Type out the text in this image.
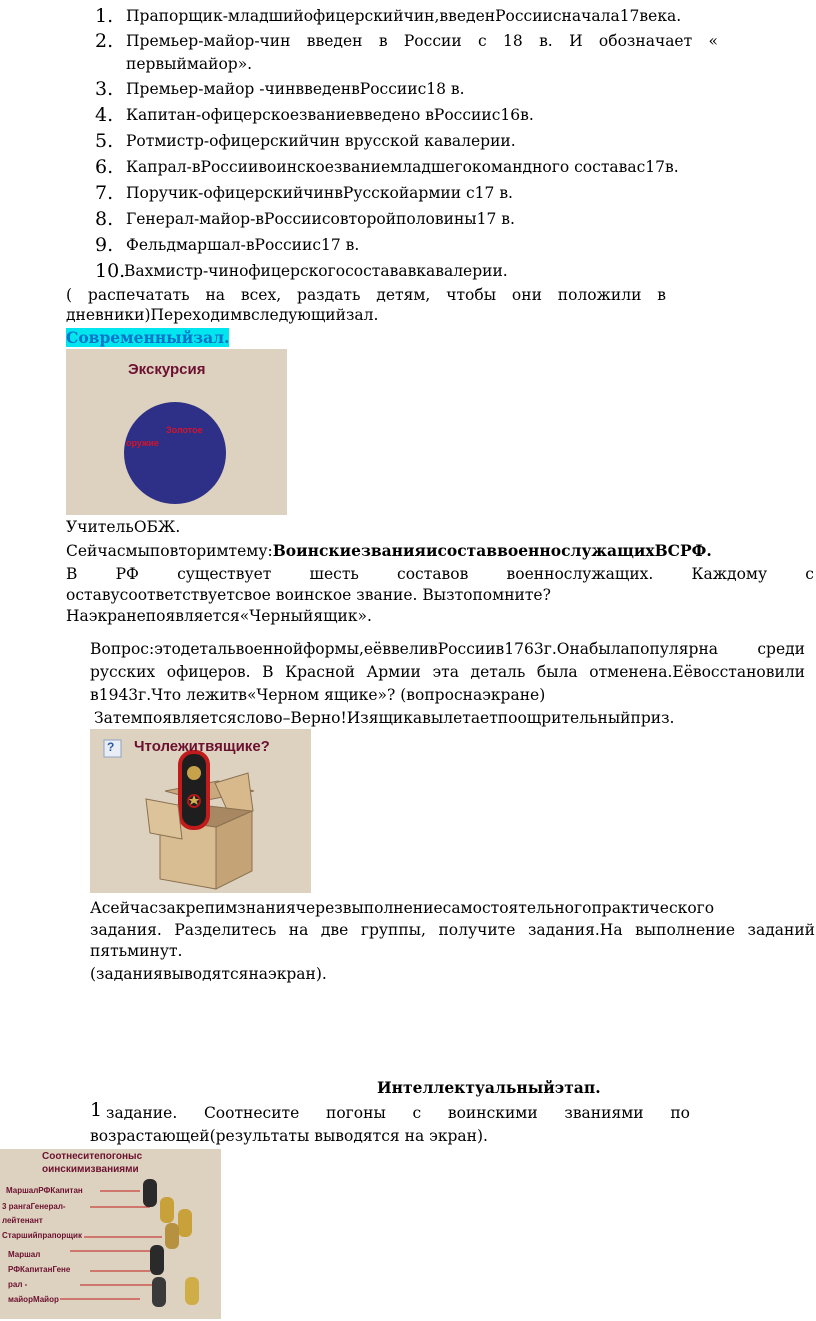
1. Прапорщик-младшийофицерскийчин,введенРоссиисначала17века.
2. Премьер-майор-чин введен в России с 18 в. И обозначает «
первыймайор».
3. Премьер-майор -чинвведенвРоссиис18 в.
4. Капитан-офицерскоезваниевведено вРоссиис16в.
5. Ротмистр-офицерскийчин врусской кавалерии.
6. Капрал-вРоссиивоинскоезваниемладшегокомандного составас17в.
7. Поручик-офицерскийчинвРусскойармии с17 в.
8. Генерал-майор-вРоссиисовторойполовины17 в.
9. Фельдмаршал-вРоссиис17 в.
10.
Вахмистр-чинофицерскогосостававкавалерии.
( распечатать на всех, раздать детям, чтобы они положили в
дневники)Переходимвследующийзал.
Современныйзал.
Экскурсия
Золотое
оружие
УчительОБЖ.
Сейчасмыповторимтему:ВоинскиезванияисоставвоеннослужащихВСРФ.
В РФ существует шесть составов военнослужащих. Каждому с
оставусоответствуетсвое воинское звание. Вызтопомните?
Наэкранепоявляется«Черныйящик».
Вопрос:этодетальвоеннойформы,еёввеливРоссиив1763г.Онабылапопулярна среди
русских офицеров. В Красной Армии эта деталь была отменена.Еёвосстановили
в1943г.Что лежитв«Черном ящике»? (вопроснаэкране)
Затемпоявляетсяслово–Верно!Изящикавылетаетпоощрительныйприз.
? Чтолежитвящике?
Асейчасзакрепимзнаниячерезвыполнениесамостоятельногопрактического
задания. Разделитесь на две группы, получите задания.На выполнение заданий
пятьминут.
(заданиявыводятсянаэкран).
Интеллектуальныйэтап.
1 задание. Соотнесите погоны с воинскими званиями по
возрастающей(результаты выводятся на экран).
Соотнеситепогоныс
оинскимизваниями
МаршалРФКапитан
3 рангаГенерал-
лейтенант
Старшийпрапорщик
Маршал
РФКапитанГене
рал -
майорМайор
